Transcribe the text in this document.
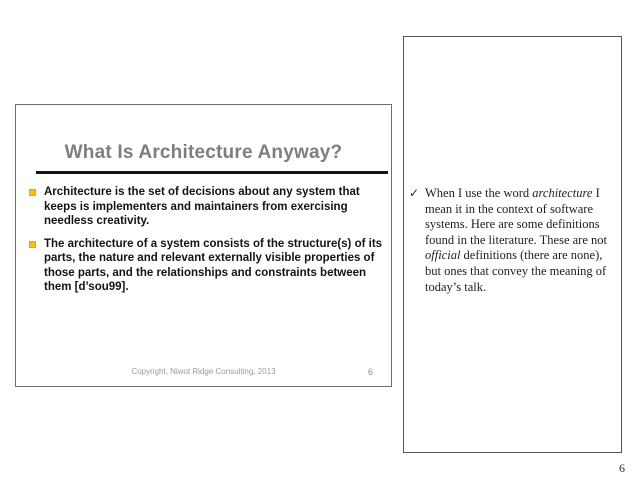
What Is Architecture Anyway?
Architecture is the set of decisions about any system that keeps is implementers and maintainers from exercising needless creativity.
The architecture of a system consists of the structure(s) of its parts, the nature and relevant externally visible properties of those parts, and the relationships and constraints between them [d’sou99].
Copyright, Niwot Ridge Consulting, 2013	6
✓ When I use the word architecture I mean it in the context of software systems. Here are some definitions found in the literature. These are not official definitions (there are none), but ones that convey the meaning of today’s talk.
6
